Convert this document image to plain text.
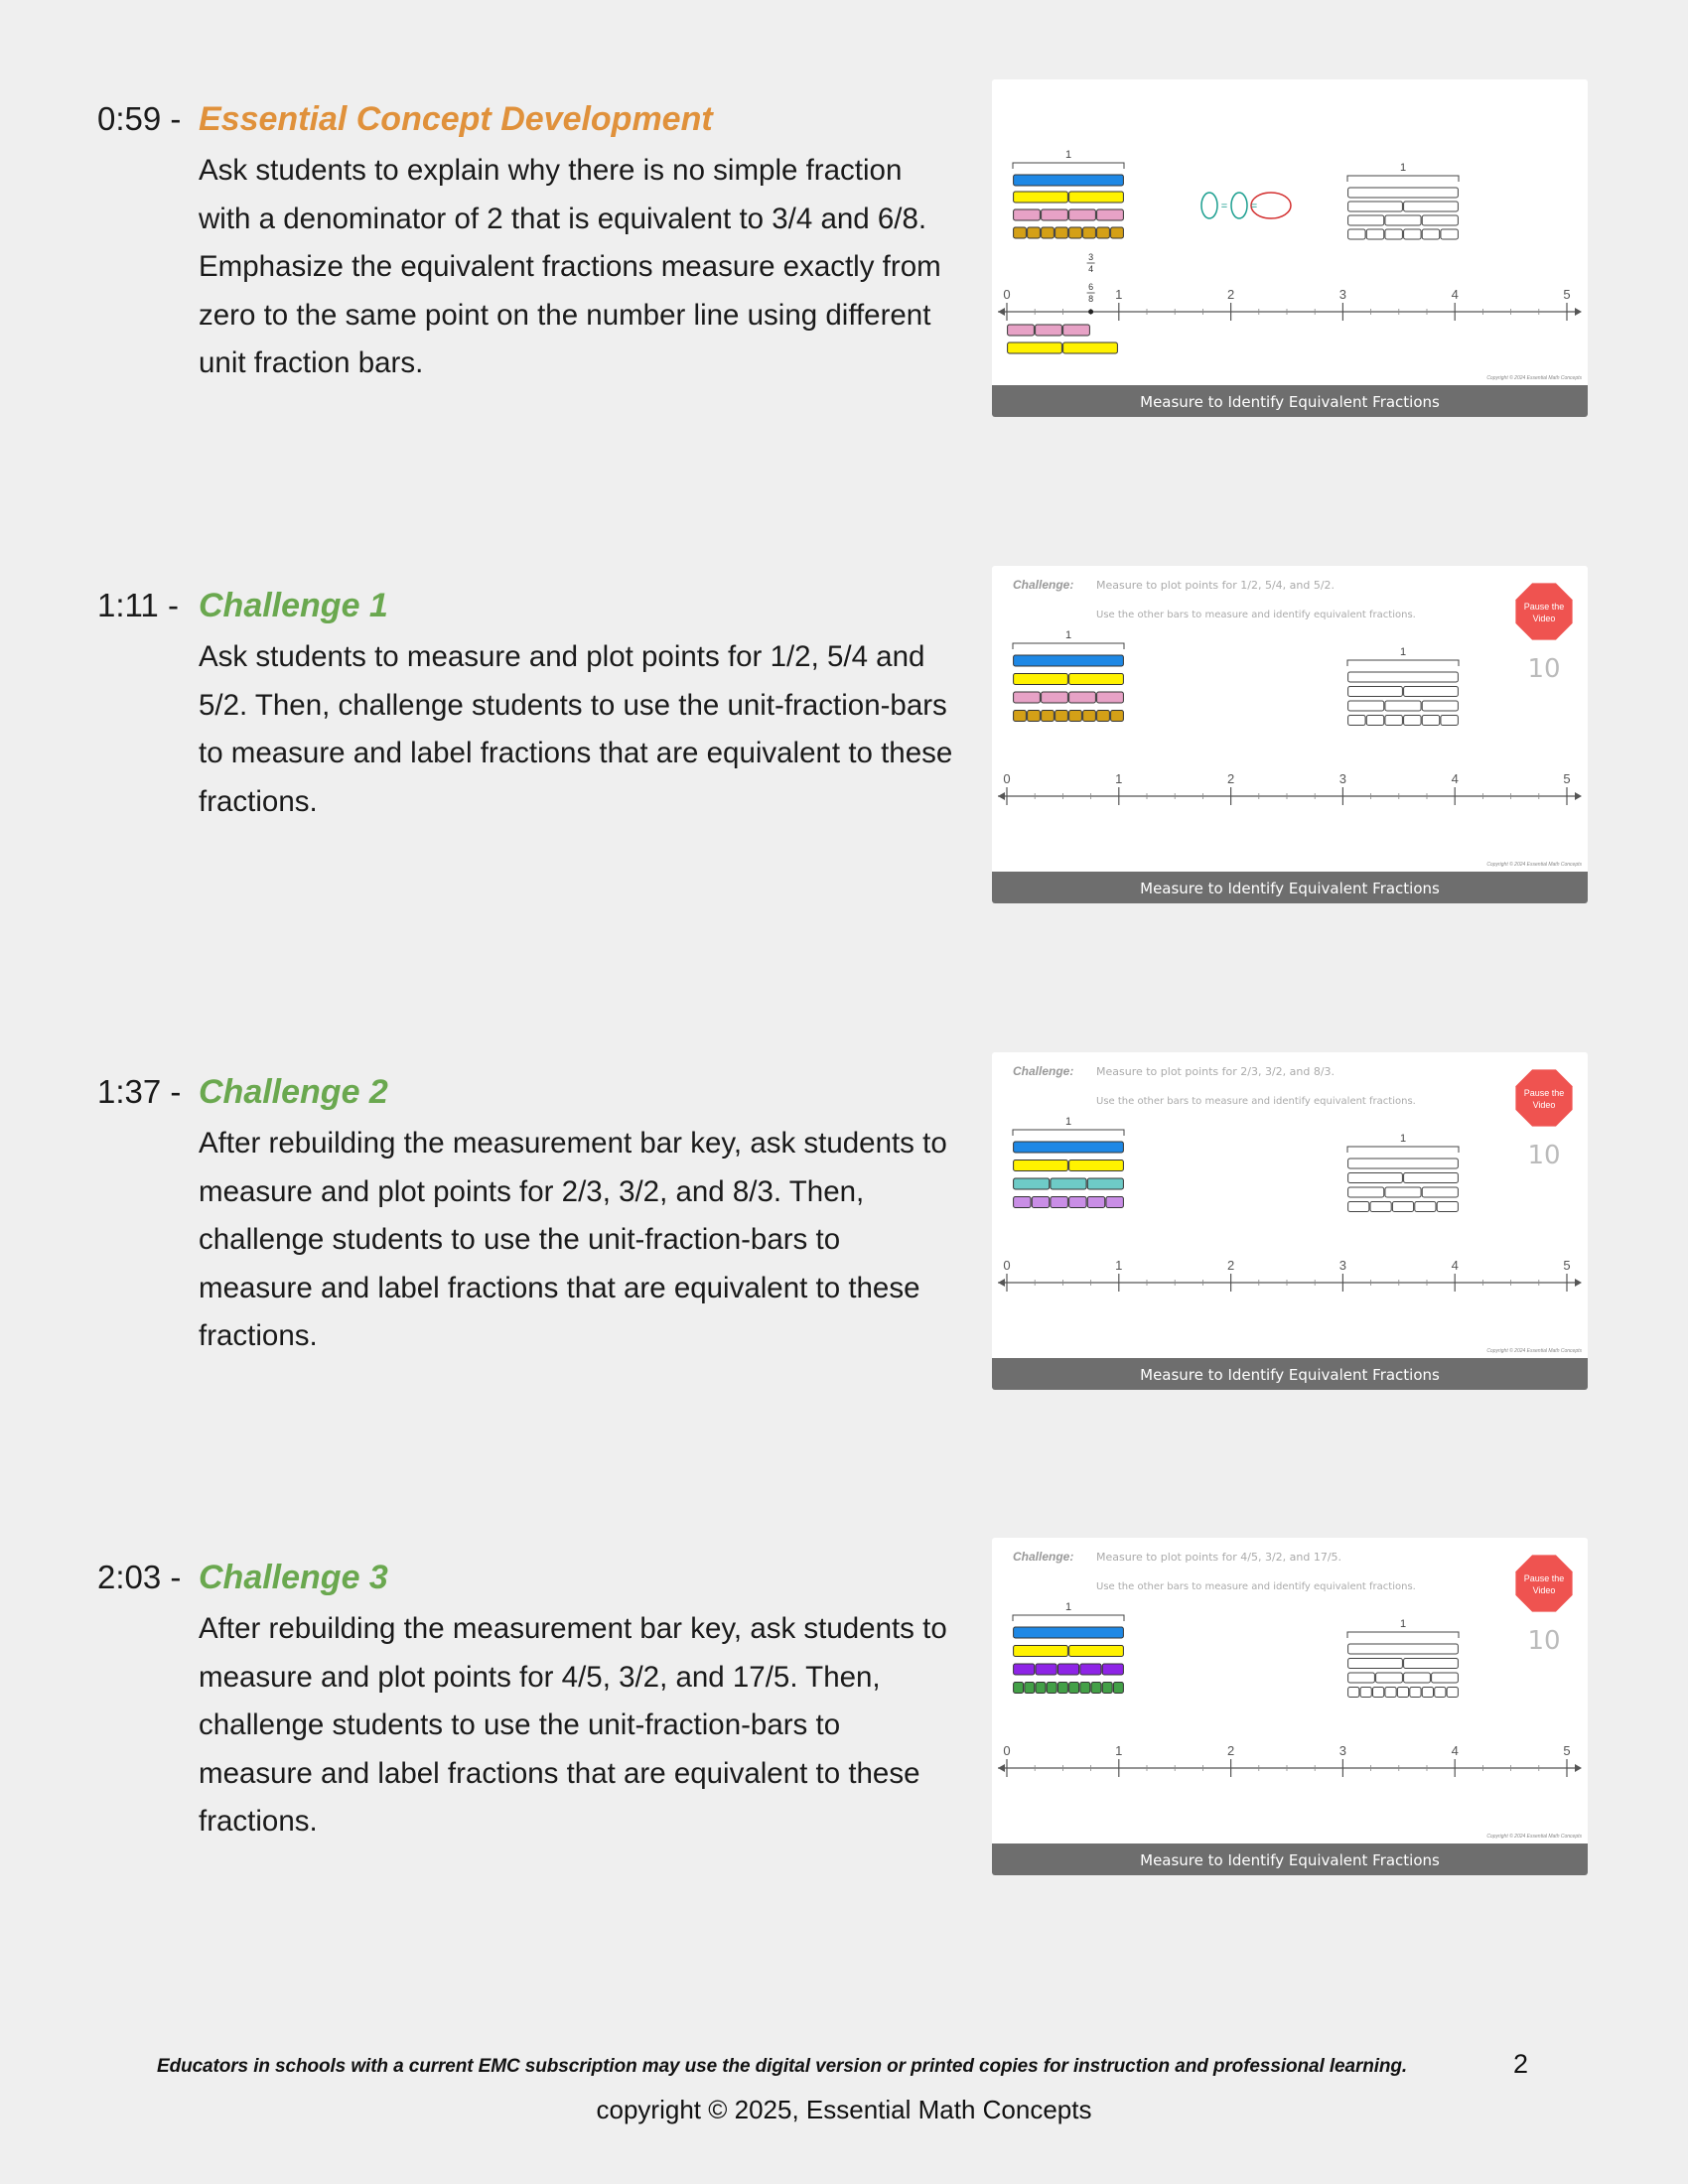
0:59 - Essential Concept Development
Ask students to explain why there is no simple fraction with a denominator of 2 that is equivalent to 3/4 and 6/8. Emphasize the equivalent fractions measure exactly from zero to the same point on the number line using different unit fraction bars.
Measure to Identify Equivalent Fractions
Copyright © 2024 Essential Math Concepts
1
1
= =
0	1	2	3	4	5
3
4
6
8
1:11 - Challenge 1
Ask students to measure and plot points for 1/2, 5/4 and 5/2. Then, challenge students to use the unit-fraction-bars to measure and label fractions that are equivalent to these fractions.
Measure to Identify Equivalent Fractions
Copyright © 2024 Essential Math Concepts
Challenge: Measure to plot points for 1/2, 5/4, and 5/2.
Use the other bars to measure and identify equivalent fractions.
Pause the
Video
10
1
1
0	1	2	3	4	5
1:37 - Challenge 2
After rebuilding the measurement bar key, ask students to measure and plot points for 2/3, 3/2, and 8/3. Then, challenge students to use the unit-fraction-bars to measure and label fractions that are equivalent to these fractions.
Measure to Identify Equivalent Fractions
Copyright © 2024 Essential Math Concepts
Challenge: Measure to plot points for 2/3, 3/2, and 8/3.
Use the other bars to measure and identify equivalent fractions.
Pause the
Video
10
1
1
0	1	2	3	4	5
2:03 - Challenge 3
After rebuilding the measurement bar key, ask students to measure and plot points for 4/5, 3/2, and 17/5. Then, challenge students to use the unit-fraction-bars to measure and label fractions that are equivalent to these fractions.
Measure to Identify Equivalent Fractions
Copyright © 2024 Essential Math Concepts
Challenge: Measure to plot points for 4/5, 3/2, and 17/5.
Use the other bars to measure and identify equivalent fractions.
Pause the
Video
10
1
1
0	1	2	3	4	5
Educators in schools with a current EMC subscription may use the digital version or printed copies for instruction and professional learning.	2
copyright © 2025, Essential Math Concepts
